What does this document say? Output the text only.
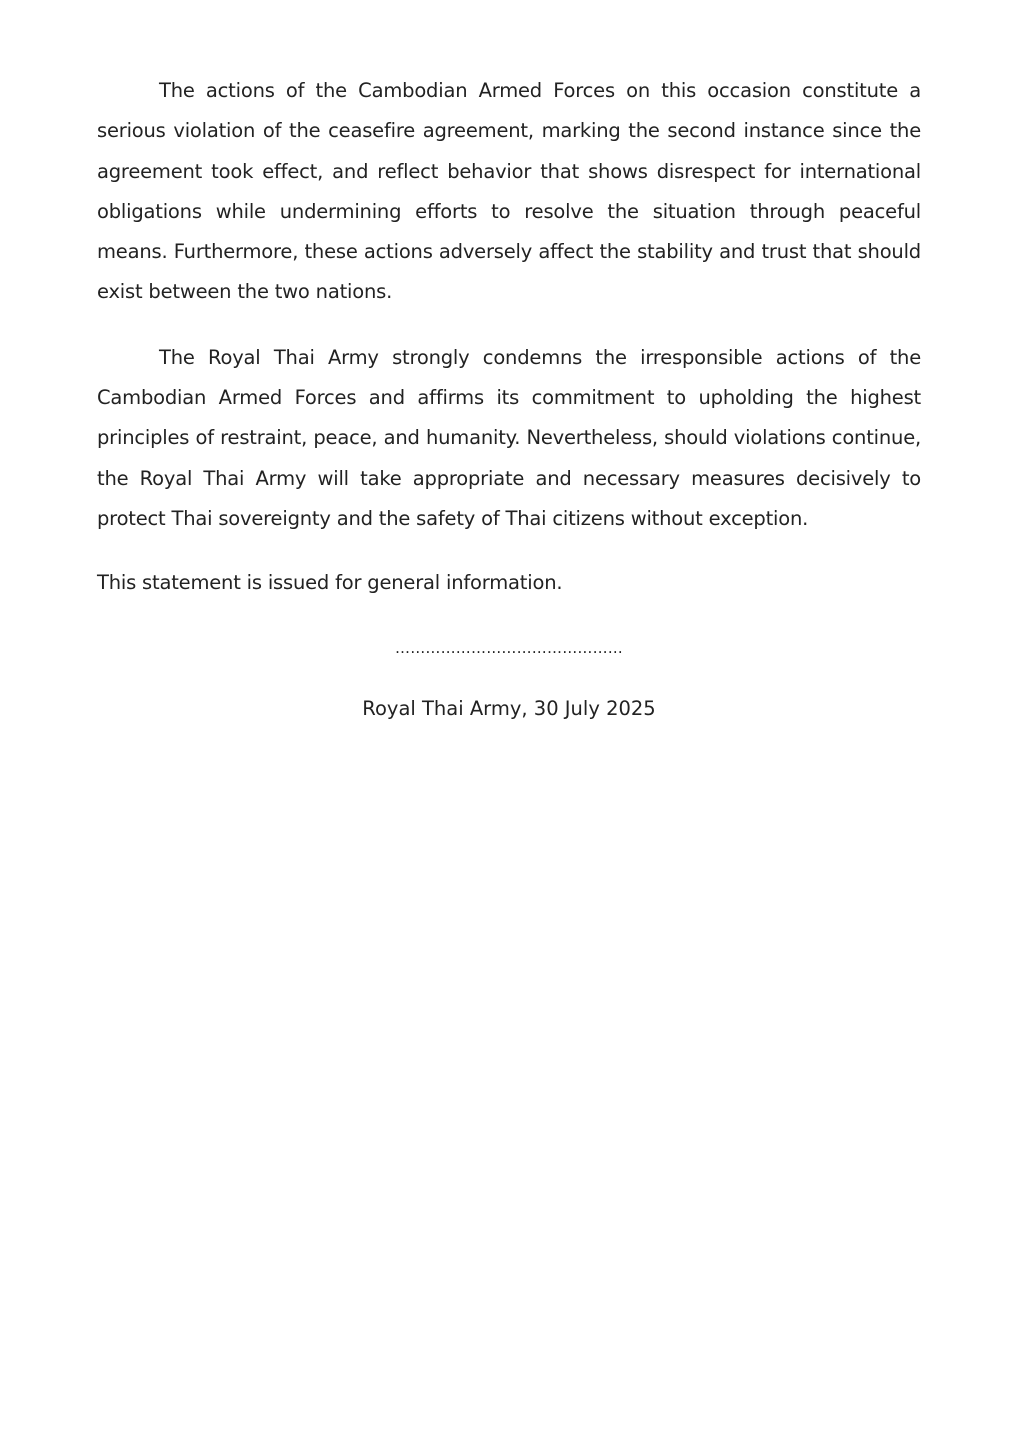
The actions of the Cambodian Armed Forces on this occasion constitute a serious violation of the ceasefire agreement, marking the second instance since the agreement took effect, and reflect behavior that shows disrespect for international obligations while undermining efforts to resolve the situation through peaceful means. Furthermore, these actions adversely affect the stability and trust that should exist between the two nations.

The Royal Thai Army strongly condemns the irresponsible actions of the Cambodian Armed Forces and affirms its commitment to upholding the highest principles of restraint, peace, and humanity. Nevertheless, should violations continue, the Royal Thai Army will take appropriate and necessary measures decisively to protect Thai sovereignty and the safety of Thai citizens without exception.

This statement is issued for general information.

………………………………………
Royal Thai Army, 30 July 2025
